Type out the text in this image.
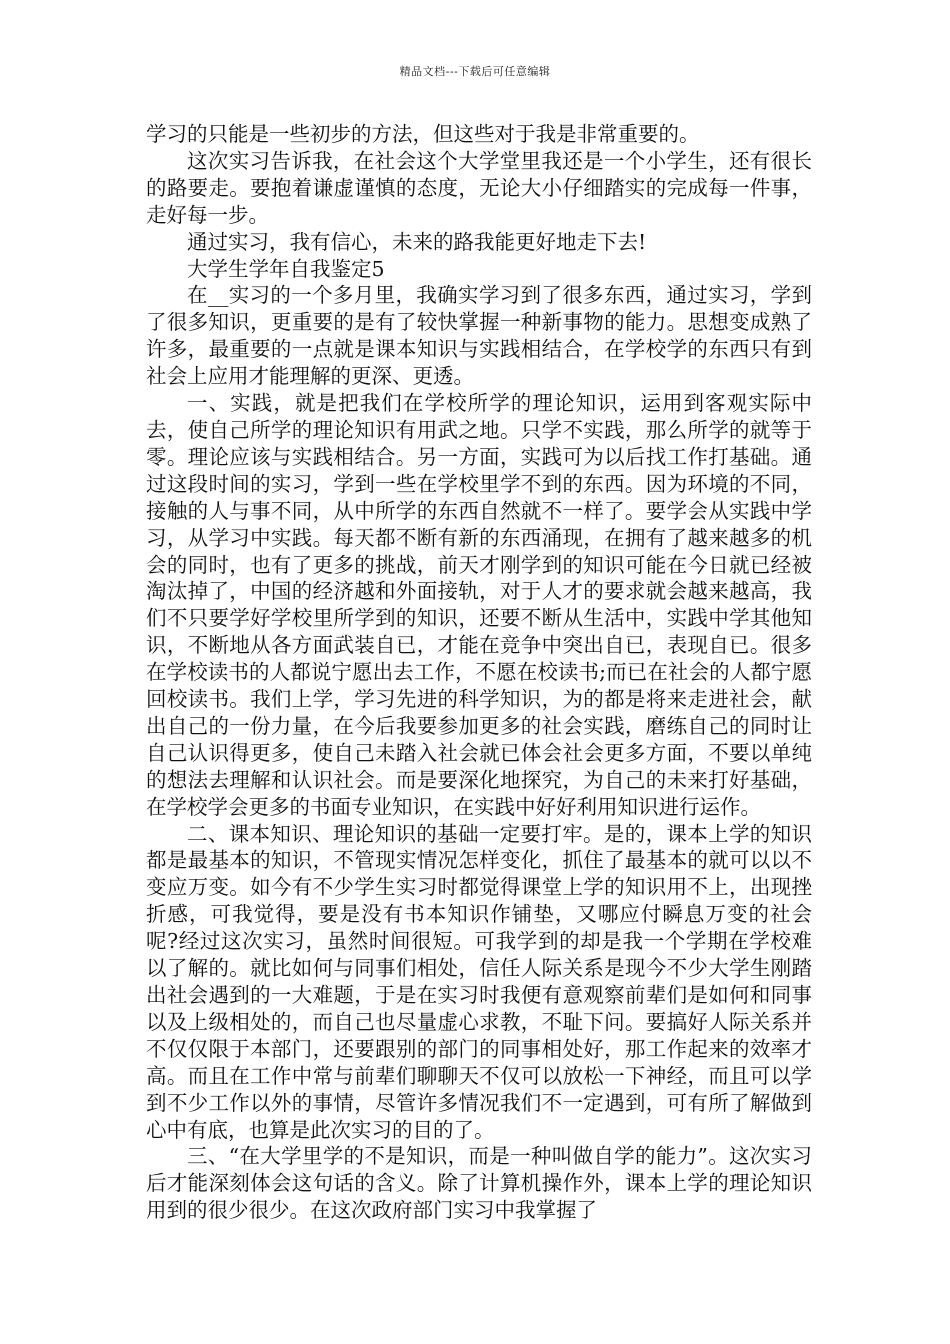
精品文档---下载后可任意编辑

学习的只能是一些初步的方法，但这些对于我是非常重要的。

这次实习告诉我，在社会这个大学堂里我还是一个小学生，还有很长的路要走。要抱着谦虚谨慎的态度，无论大小仔细踏实的完成每一件事，走好每一步。

通过实习，我有信心，未来的路我能更好地走下去!

大学生学年自我鉴定5

在__实习的一个多月里，我确实学习到了很多东西，通过实习，学到了很多知识，更重要的是有了较快掌握一种新事物的能力。思想变成熟了许多，最重要的一点就是课本知识与实践相结合，在学校学的东西只有到社会上应用才能理解的更深、更透。

一、实践，就是把我们在学校所学的理论知识，运用到客观实际中去，使自己所学的理论知识有用武之地。只学不实践，那么所学的就等于零。理论应该与实践相结合。另一方面，实践可为以后找工作打基础。通过这段时间的实习，学到一些在学校里学不到的东西。因为环境的不同，接触的人与事不同，从中所学的东西自然就不一样了。要学会从实践中学习，从学习中实践。每天都不断有新的东西涌现，在拥有了越来越多的机会的同时，也有了更多的挑战，前天才刚学到的知识可能在今日就已经被淘汰掉了，中国的经济越和外面接轨，对于人才的要求就会越来越高，我们不只要学好学校里所学到的知识，还要不断从生活中，实践中学其他知识，不断地从各方面武装自已，才能在竞争中突出自已，表现自已。很多在学校读书的人都说宁愿出去工作，不愿在校读书;而已在社会的人都宁愿回校读书。我们上学，学习先进的科学知识，为的都是将来走进社会，献出自己的一份力量，在今后我要参加更多的社会实践，磨练自己的同时让自己认识得更多，使自己未踏入社会就已体会社会更多方面，不要以单纯的想法去理解和认识社会。而是要深化地探究，为自己的未来打好基础，在学校学会更多的书面专业知识，在实践中好好利用知识进行运作。

二、课本知识、理论知识的基础一定要打牢。是的，课本上学的知识都是最基本的知识，不管现实情况怎样变化，抓住了最基本的就可以以不变应万变。如今有不少学生实习时都觉得课堂上学的知识用不上，出现挫折感，可我觉得，要是没有书本知识作铺垫，又哪应付瞬息万变的社会呢?经过这次实习，虽然时间很短。可我学到的却是我一个学期在学校难以了解的。就比如何与同事们相处，信任人际关系是现今不少大学生刚踏出社会遇到的一大难题，于是在实习时我便有意观察前辈们是如何和同事以及上级相处的，而自己也尽量虚心求教，不耻下问。要搞好人际关系并不仅仅限于本部门，还要跟别的部门的同事相处好，那工作起来的效率才高。而且在工作中常与前辈们聊聊天不仅可以放松一下神经，而且可以学到不少工作以外的事情，尽管许多情况我们不一定遇到，可有所了解做到心中有底，也算是此次实习的目的了。

三、“在大学里学的不是知识，而是一种叫做自学的能力”。这次实习后才能深刻体会这句话的含义。除了计算机操作外，课本上学的理论知识用到的很少很少。在这次政府部门实习中我掌握了
